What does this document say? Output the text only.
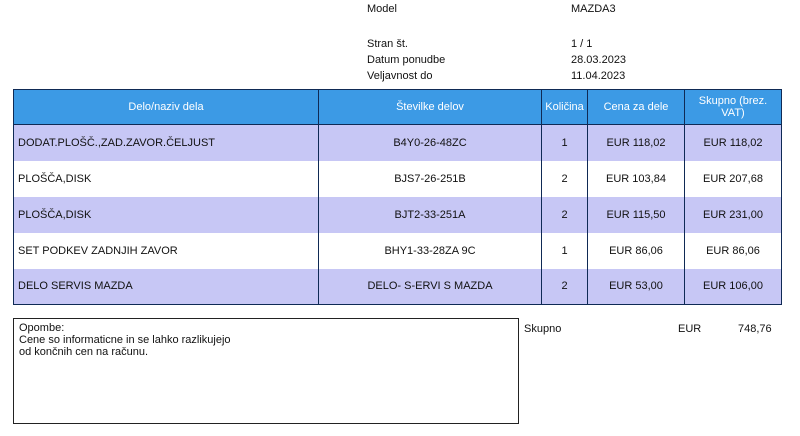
Model	MAZDA3
Stran št.	1 / 1
Datum ponudbe	28.03.2023
Veljavnost do	11.04.2023
Delo/naziv dela	Številke delov	Količina	Cena za dele	Skupno (brez. VAT)
DODAT.PLOŠČ.,ZAD.ZAVOR.ČELJUST	B4Y0-26-48ZC	1	EUR 118,02	EUR 118,02
PLOŠČA,DISK	BJS7-26-251B	2	EUR 103,84	EUR 207,68
PLOŠČA,DISK	BJT2-33-251A	2	EUR 115,50	EUR 231,00
SET PODKEV ZADNJIH ZAVOR	BHY1-33-28ZA 9C	1	EUR 86,06	EUR 86,06
DELO SERVIS MAZDA	DELO- S-ERVI S MAZDA	2	EUR 53,00	EUR 106,00
Opombe:
Cene so informaticne in se lahko razlikujejo
od končnih cen na računu.
Skupno	EUR	748,76
